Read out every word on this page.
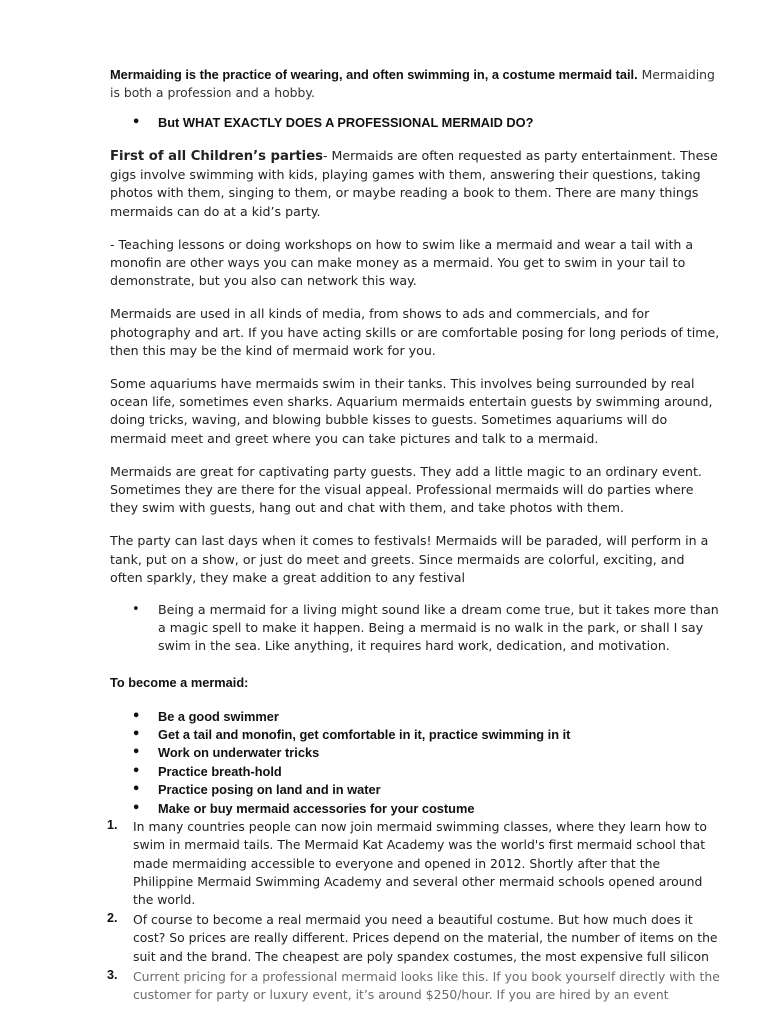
Mermaiding is the practice of wearing, and often swimming in, a costume mermaid tail. Mermaiding is both a profession and a hobby.

• But WHAT EXACTLY DOES A PROFESSIONAL MERMAID DO?

First of all Children’s parties- Mermaids are often requested as party entertainment. These gigs involve swimming with kids, playing games with them, answering their questions, taking photos with them, singing to them, or maybe reading a book to them. There are many things mermaids can do at a kid’s party.

- Teaching lessons or doing workshops on how to swim like a mermaid and wear a tail with a monofin are other ways you can make money as a mermaid. You get to swim in your tail to demonstrate, but you also can network this way.

Mermaids are used in all kinds of media, from shows to ads and commercials, and for photography and art. If you have acting skills or are comfortable posing for long periods of time, then this may be the kind of mermaid work for you.

Some aquariums have mermaids swim in their tanks. This involves being surrounded by real ocean life, sometimes even sharks. Aquarium mermaids entertain guests by swimming around, doing tricks, waving, and blowing bubble kisses to guests. Sometimes aquariums will do mermaid meet and greet where you can take pictures and talk to a mermaid.

Mermaids are great for captivating party guests. They add a little magic to an ordinary event. Sometimes they are there for the visual appeal. Professional mermaids will do parties where they swim with guests, hang out and chat with them, and take photos with them.

The party can last days when it comes to festivals! Mermaids will be paraded, will perform in a tank, put on a show, or just do meet and greets. Since mermaids are colorful, exciting, and often sparkly, they make a great addition to any festival

• Being a mermaid for a living might sound like a dream come true, but it takes more than a magic spell to make it happen. Being a mermaid is no walk in the park, or shall I say swim in the sea. Like anything, it requires hard work, dedication, and motivation.

To become a mermaid:

• Be a good swimmer
• Get a tail and monofin, get comfortable in it, practice swimming in it
• Work on underwater tricks
• Practice breath-hold
• Practice posing on land and in water
• Make or buy mermaid accessories for your costume
1. In many countries people can now join mermaid swimming classes, where they learn how to swim in mermaid tails. The Mermaid Kat Academy was the world's first mermaid school that made mermaiding accessible to everyone and opened in 2012. Shortly after that the Philippine Mermaid Swimming Academy and several other mermaid schools opened around the world.
2. Of course to become a real mermaid you need a beautiful costume. But how much does it cost? So prices are really different. Prices depend on the material, the number of items on the suit and the brand. The cheapest are poly spandex costumes, the most expensive full silicon
3. Current pricing for a professional mermaid looks like this. If you book yourself directly with the customer for party or luxury event, it’s around $250/hour. If you are hired by an event
